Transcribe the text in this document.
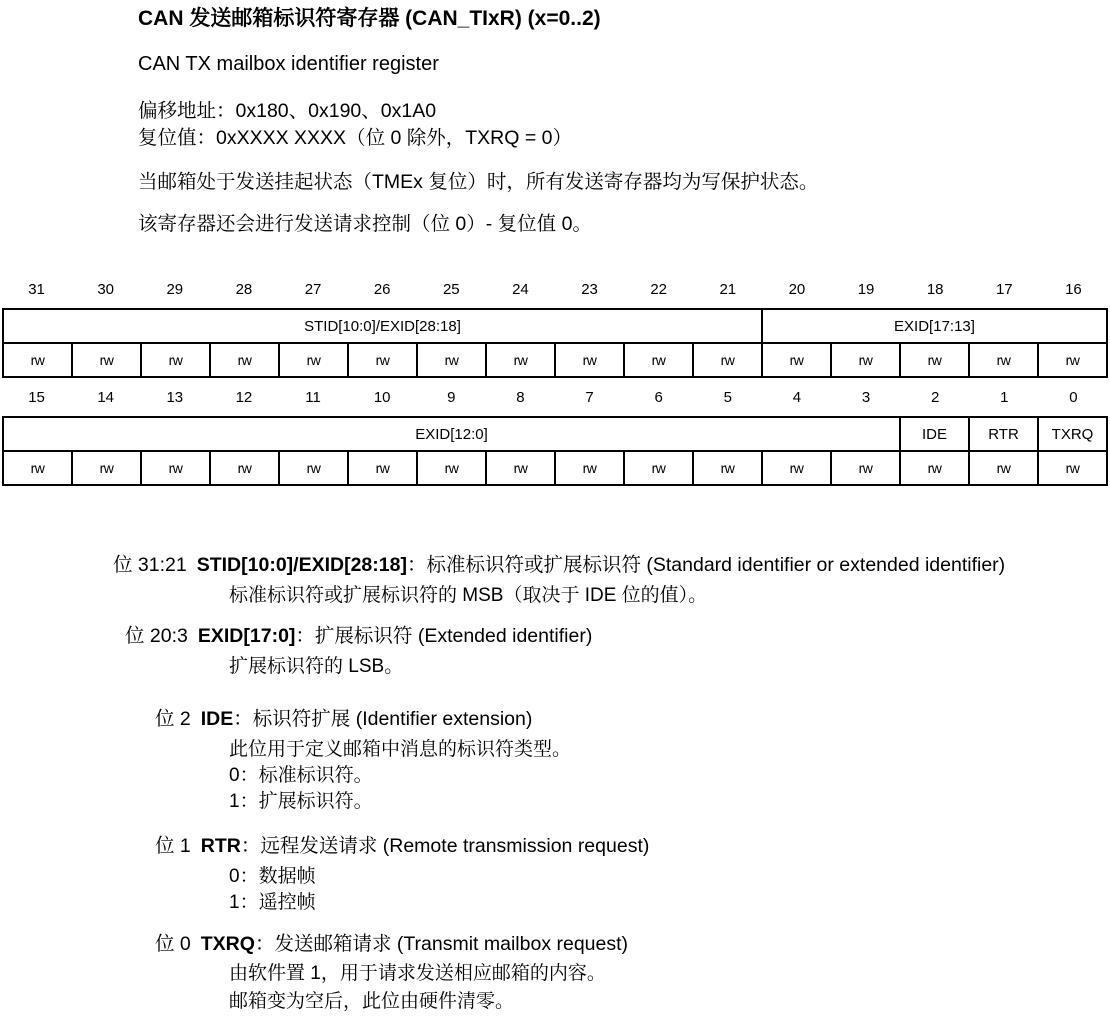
CAN 发送邮箱标识符寄存器 (CAN_TIxR) (x=0..2)
CAN TX mailbox identifier register
偏移地址：0x180、0x190、0x1A0
复位值：0xXXXX XXXX（位 0 除外，TXRQ = 0）
当邮箱处于发送挂起状态（TMEx 复位）时，所有发送寄存器均为写保护状态。
该寄存器还会进行发送请求控制（位 0）- 复位值 0。
31	30	29	28	27	26	25	24	23	22	21	20	19	18	17	16
STID[10:0]/EXID[28:18]											EXID[17:13]				
rw	rw	rw	rw	rw	rw	rw	rw	rw	rw	rw	rw	rw	rw	rw	rw
15	14	13	12	11	10	9	8	7	6	5	4	3	2	1	0
EXID[12:0]													IDE	RTR	TXRQ
rw	rw	rw	rw	rw	rw	rw	rw	rw	rw	rw	rw	rw	rw	rw	rw
位 31:21 STID[10:0]/EXID[28:18]：标准标识符或扩展标识符 (Standard identifier or extended identifier)
标准标识符或扩展标识符的 MSB（取决于 IDE 位的值）。
位 20:3 EXID[17:0]：扩展标识符 (Extended identifier)
扩展标识符的 LSB。
位 2 IDE：标识符扩展 (Identifier extension)
此位用于定义邮箱中消息的标识符类型。
0：标准标识符。
1：扩展标识符。
位 1 RTR：远程发送请求 (Remote transmission request)
0：数据帧
1：遥控帧
位 0 TXRQ：发送邮箱请求 (Transmit mailbox request)
由软件置 1，用于请求发送相应邮箱的内容。
邮箱变为空后，此位由硬件清零。
